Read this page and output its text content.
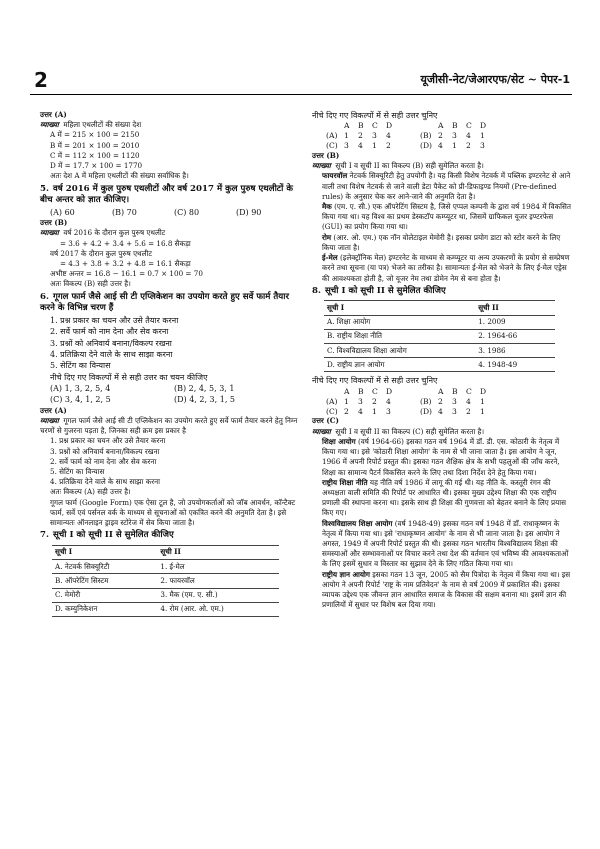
2	यूजीसी-नेट/जेआरएफ/सेट ~ पेपर-1

उत्तर (A)

व्याख्या महिला एथलीटों की संख्या देश

A में = 215 × 100 = 2150

B में = 201 × 100 = 2010

C में = 112 × 100 = 1120

D में = 17.7 × 100 = 1770

अतः देश A में महिला एथलीटों की संख्या सर्वाधिक है।

5. वर्ष 2016 में कुल पुरुष एथलीटों और वर्ष 2017 में कुल पुरुष एथलीटों के बीच अन्तर को ज्ञात कीजिए।

(A) 60	(B) 70	(C) 80	(D) 90

उत्तर (B)

व्याख्या वर्ष 2016 के दौरान कुल पुरुष एथलीट

= 3.6 + 4.2 + 3.4 + 5.6 = 16.8 सैकड़ा

वर्ष 2017 के दौरान कुल पुरुष एथलीट

= 4.3 + 3.8 + 3.2 + 4.8 = 16.1 सैकड़ा

अभीष्ट अन्तर = 16.8 − 16.1 = 0.7 × 100 = 70

अतः विकल्प (B) सही उत्तर है।

6. गूगल फार्म जैसे आई सी टी एप्लिकेशन का उपयोग करते हुए सर्वे फार्म तैयार करने के विभिन्न चरण हैं

1. प्रश्न प्रकार का चयन और उसे तैयार करना

2. सर्वे फार्म को नाम देना और सेव करना

3. प्रश्नों को अनिवार्य बनाना/विकल्प रखना

4. प्रतिक्रिया देने वाले के साथ साझा करना

5. सेटिंग का विन्यास

नीचे दिए गए विकल्पों में से सही उत्तर का चयन कीजिए

(A) 1, 3, 2, 5, 4	(B) 2, 4, 5, 3, 1
(C) 3, 4, 1, 2, 5	(D) 4, 2, 3, 1, 5

उत्तर (A)

व्याख्या गूगल फार्म जैसे आई सी टी एप्लिकेशन का उपयोग करते हुए सर्वे फार्म तैयार करने हेतु निम्न चरणों से गुजरना पड़ता है, जिनका सही क्रम इस प्रकार है

1. प्रश्न प्रकार का चयन और उसे तैयार करना

3. प्रश्नों को अनिवार्य बनाना/विकल्प रखना

2. सर्वे फार्म को नाम देना और सेव करना

5. सेटिंग का विन्यास

4. प्रतिक्रिया देने वाले के साथ साझा करना

अतः विकल्प (A) सही उत्तर है।

गूगल फार्म (Google Form) एक ऐसा टूल है, जो उपयोगकर्ताओं को जॉब आवर्धन, कॉन्टैक्ट फार्म, सर्वे एवं पर्सनल वर्क के माध्यम से सूचनाओं को एकत्रित करने की अनुमति देता है। इसे सामान्यतः ऑनलाइन ड्राइव स्टोरेज में सेव किया जाता है।

7. सूची I को सूची II से सुमेलित कीजिए

सूची I	सूची II
A. नेटवर्क सिक्यूरिटी	1. ई-मेल
B. ऑपरेटिंग सिस्टम	2. फायरवॉल
C. मेमोरी	3. मैक (एम. ए. सी.)
D. कम्युनिकेशन	4. रोम (आर. ओ. एम.)

नीचे दिए गए विकल्पों में से सही उत्तर चुनिए

A	B	C	D	A	B	C	D
(A) 1	2	3	4	(B) 2	3	4	1
(C) 3	4	1	2	(D) 4	1	2	3

उत्तर (B)

व्याख्या सूची I व सूची II का विकल्प (B) सही सुमेलित करता है।

फायरवॉल नेटवर्क सिक्यूरिटी हेतु उपयोगी है। यह किसी विशेष नेटवर्क में पब्लिक इण्टरनेट से आने वाली तथा विशेष नेटवर्क से जाने वाली डेटा पैकेट को प्री-डिफाइण्ड नियमों (Pre-defined rules) के अनुसार चेक कर आने-जाने की अनुमति देता है।

मैक (एम. ए. सी.) एक ऑपरेटिंग सिस्टम है, जिसे एप्पल कम्पनी के द्वारा वर्ष 1984 में विकसित किया गया था। यह विश्व का प्रथम डेस्कटॉप कम्प्यूटर था, जिसमें ग्राफिकल यूजर इण्टरफेस (GUI) का प्रयोग किया गया था।

रोम (आर. ओ. एम.) एक नॉन वोलेटाइल मेमोरी है। इसका प्रयोग डाटा को स्टोर करने के लिए किया जाता है।

ई-मेल (इलेक्ट्रॉनिक मेल) इण्टरनेट के माध्यम से कम्प्यूटर या अन्य उपकरणों के प्रयोग से सम्प्रेषण करने तथा सूचना (या पत्र) भेजने का तरीका है। सामान्यतः ई-मेल को भेजने के लिए ई-मेल एड्रेस की आवश्यकता होती है, जो यूजर नेम तथा डोमेन नेम से बना होता है।

8. सूची I को सूची II से सुमेलित कीजिए

सूची I	सूची II
A. शिक्षा आयोग	1. 2009
B. राष्ट्रीय शिक्षा नीति	2. 1964-66
C. विश्वविद्यालय शिक्षा आयोग	3. 1986
D. राष्ट्रीय ज्ञान आयोग	4. 1948-49

नीचे दिए गए विकल्पों में से सही उत्तर चुनिए

A	B	C	D	A	B	C	D
(A) 1	3	2	4	(B) 2	3	4	1
(C) 2	4	1	3	(D) 4	3	2	1

उत्तर (C)

व्याख्या सूची I व सूची II का विकल्प (C) सही सुमेलित करता है।

शिक्षा आयोग (वर्ष 1964-66) इसका गठन वर्ष 1964 में डॉ. डी. एस. कोठारी के नेतृत्व में किया गया था। इसे 'कोठारी शिक्षा आयोग' के नाम से भी जाना जाता है। इस आयोग ने जून, 1966 में अपनी रिपोर्ट प्रस्तुत की। इसका गठन शैक्षिक क्षेत्र के सभी पहलुओं की जाँच करने, शिक्षा का सामान्य पैटर्न विकसित करने के लिए तथा दिशा निर्देश देने हेतु किया गया।

राष्ट्रीय शिक्षा नीति यह नीति वर्ष 1986 में लागू की गई थी। यह नीति के. कस्तूरी रंगन की अध्यक्षता वाली समिति की रिपोर्ट पर आधारित थी। इसका मुख्य उद्देश्य शिक्षा की एक राष्ट्रीय प्रणाली की स्थापना करना था। इसके साथ ही शिक्षा की गुणवत्ता को बेहतर बनाने के लिए प्रयास किए गए।

विश्वविद्यालय शिक्षा आयोग (वर्ष 1948-49) इसका गठन वर्ष 1948 में डॉ. राधाकृष्णन के नेतृत्व में किया गया था। इसे 'राधाकृष्णन आयोग' के नाम से भी जाना जाता है। इस आयोग ने अगस्त, 1949 में अपनी रिपोर्ट प्रस्तुत की थी। इसका गठन भारतीय विश्वविद्यालय शिक्षा की समस्याओं और सम्भावनाओं पर विचार करने तथा देश की वर्तमान एवं भविष्य की आवश्यकताओं के लिए इसमें सुधार व विस्तार का सुझाव देने के लिए गठित किया गया था।

राष्ट्रीय ज्ञान आयोग इसका गठन 13 जून, 2005 को सैम पित्रोदा के नेतृत्व में किया गया था। इस आयोग ने अपनी रिपोर्ट 'राष्ट्र के नाम प्रतिवेदन' के नाम से वर्ष 2009 में प्रकाशित की। इसका व्यापक उद्देश्य एक जीवन्त ज्ञान आधारित समाज के विकास की सक्षम बनाना था। इसमें ज्ञान की प्रणालियों में सुधार पर विशेष बल दिया गया।
